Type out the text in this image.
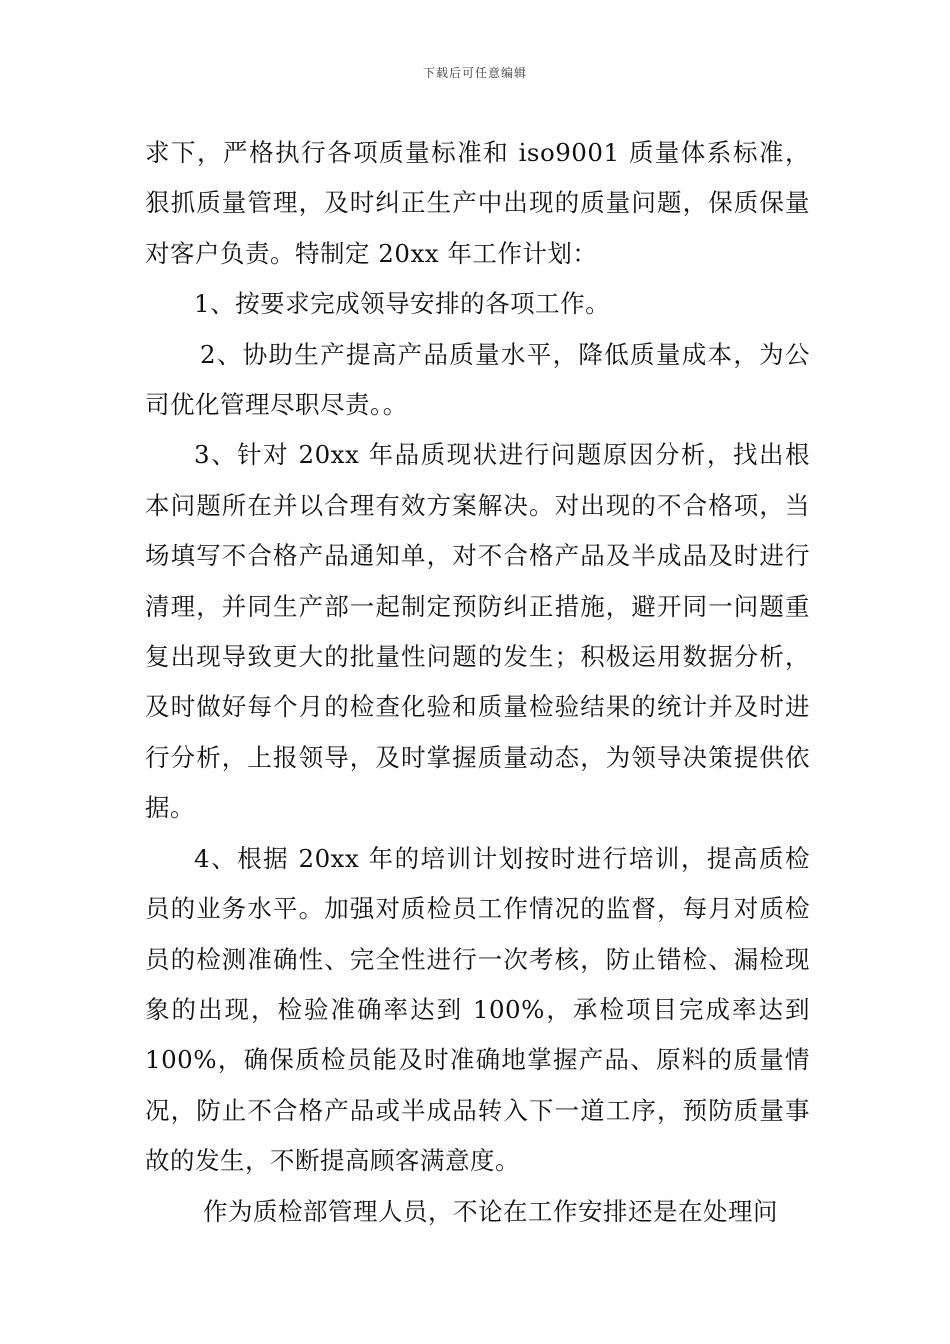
下载后可任意编辑

求下，严格执行各项质量标准和 iso9001 质量体系标准，狠抓质量管理，及时纠正生产中出现的质量问题，保质保量对客户负责。特制定 20xx 年工作计划：

1、按要求完成领导安排的各项工作。

2、协助生产提高产品质量水平，降低质量成本，为公司优化管理尽职尽责。。

3、针对 20xx 年品质现状进行问题原因分析，找出根本问题所在并以合理有效方案解决。对出现的不合格项，当场填写不合格产品通知单，对不合格产品及半成品及时进行清理，并同生产部一起制定预防纠正措施，避开同一问题重复出现导致更大的批量性问题的发生；积极运用数据分析，及时做好每个月的检查化验和质量检验结果的统计并及时进行分析，上报领导，及时掌握质量动态，为领导决策提供依据。

4、根据 20xx 年的培训计划按时进行培训，提高质检员的业务水平。加强对质检员工作情况的监督，每月对质检员的检测准确性、完全性进行一次考核，防止错检、漏检现象的出现，检验准确率达到 100%，承检项目完成率达到 100%，确保质检员能及时准确地掌握产品、原料的质量情况，防止不合格产品或半成品转入下一道工序，预防质量事故的发生，不断提高顾客满意度。

作为质检部管理人员，不论在工作安排还是在处理问
